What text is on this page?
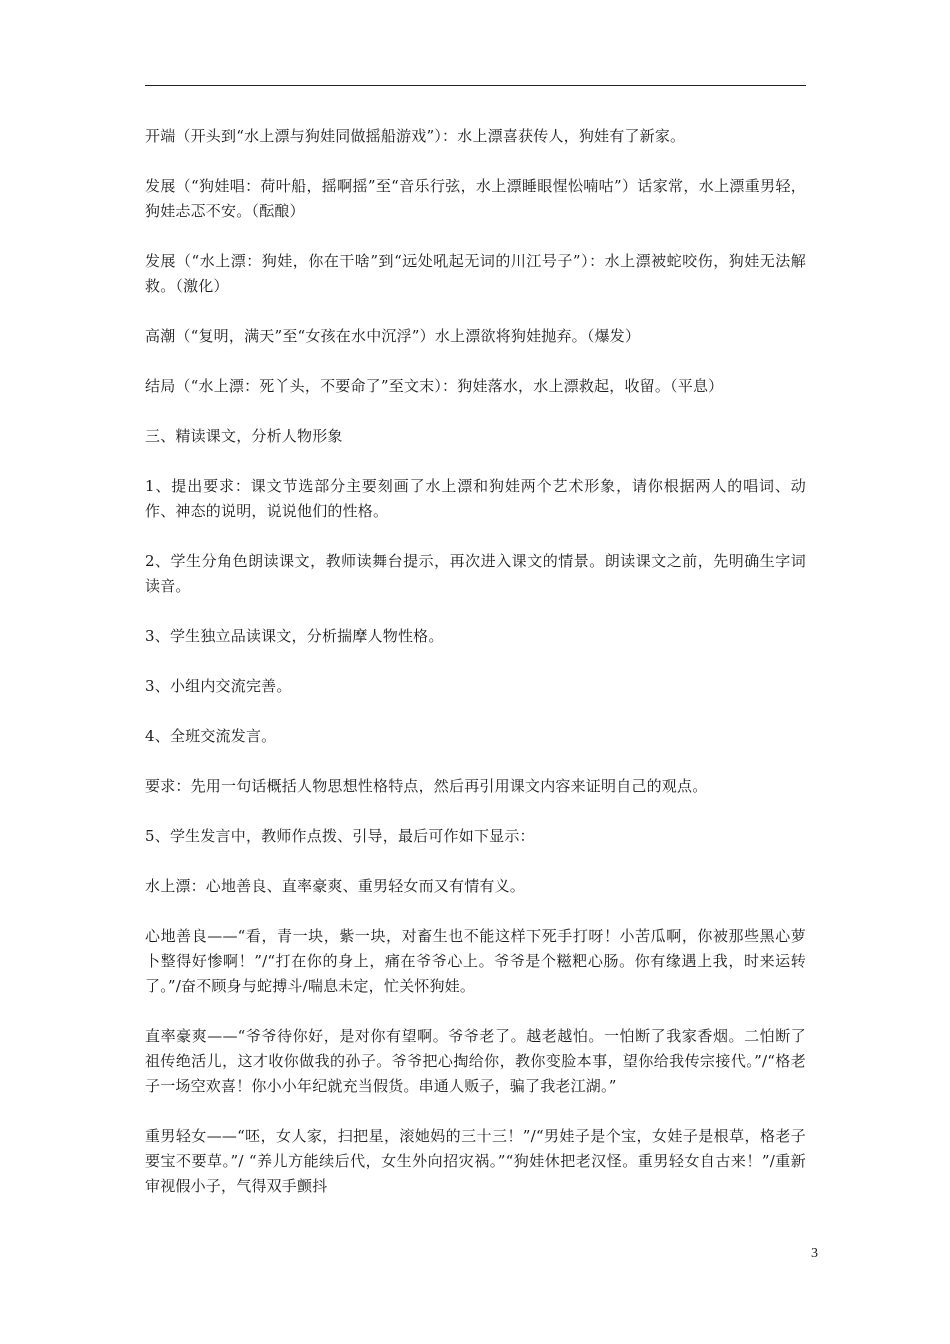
开端（开头到“水上漂与狗娃同做摇船游戏”）：水上漂喜获传人，狗娃有了新家。

发展（“狗娃唱：荷叶船，摇啊摇”至“音乐行弦，水上漂睡眼惺忪喃咕”）话家常，水上漂重男轻，狗娃忐忑不安。（酝酿）

发展（“水上漂：狗娃，你在干啥”到“远处吼起无词的川江号子”）：水上漂被蛇咬伤，狗娃无法解救。（激化）

高潮（“复明，满天”至“女孩在水中沉浮”）水上漂欲将狗娃抛弃。（爆发）

结局（“水上漂：死丫头，不要命了”至文末）：狗娃落水，水上漂救起，收留。（平息）

三、精读课文，分析人物形象

1、提出要求：课文节选部分主要刻画了水上漂和狗娃两个艺术形象，请你根据两人的唱词、动作、神态的说明，说说他们的性格。

2、学生分角色朗读课文，教师读舞台提示，再次进入课文的情景。朗读课文之前，先明确生字词读音。

3、学生独立品读课文，分析揣摩人物性格。

3、小组内交流完善。

4、全班交流发言。

要求：先用一句话概括人物思想性格特点，然后再引用课文内容来证明自己的观点。

5、学生发言中，教师作点拨、引导，最后可作如下显示：

水上漂：心地善良、直率豪爽、重男轻女而又有情有义。

心地善良——“看，青一块，紫一块，对畜生也不能这样下死手打呀！小苦瓜啊，你被那些黑心萝卜整得好惨啊！”/“打在你的身上，痛在爷爷心上。爷爷是个糍粑心肠。你有缘遇上我，时来运转了。”/奋不顾身与蛇搏斗/喘息未定，忙关怀狗娃。

直率豪爽——“爷爷待你好，是对你有望啊。爷爷老了。越老越怕。一怕断了我家香烟。二怕断了祖传绝活儿，这才收你做我的孙子。爷爷把心掏给你，教你变脸本事，望你给我传宗接代。”/“格老子一场空欢喜！你小小年纪就充当假货。串通人贩子，骗了我老江湖。”

重男轻女——“呸，女人家，扫把星，滚她妈的三十三！”/“男娃子是个宝，女娃子是根草，格老子要宝不要草。”/ “养儿方能续后代，女生外向招灾祸。”“狗娃休把老汉怪。重男轻女自古来！”/重新审视假小子，气得双手颤抖

3
